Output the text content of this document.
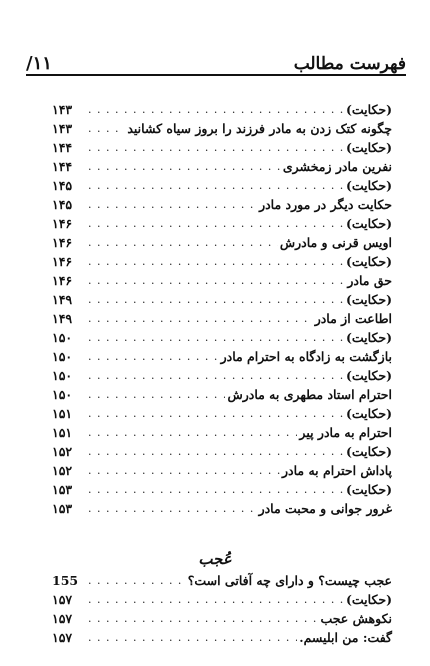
۱۱/	فهرست مطالب
(حکایت)
. . .
۱۴۳
چگونه کتک زدن به مادر فرزند را بروز سیاه کشانید
. . .
۱۴۳
(حکایت)
. . .
۱۴۴
نفرین مادر زمخشری
. . .
۱۴۴
(حکایت)
. . .
۱۴۵
حکایت دیگر در مورد مادر
. . .
۱۴۵
(حکایت)
. . .
۱۴۶
اویس قرنی و مادرش
. . .
۱۴۶
(حکایت)
. . .
۱۴۶
حق مادر
. . .
۱۴۶
(حکایت)
. . .
۱۴۹
اطاعت از مادر
. . .
۱۴۹
(حکایت)
. . .
۱۵۰
بازگشت به زادگاه به احترام مادر
. . .
۱۵۰
(حکایت)
. . .
۱۵۰
احترام استاد مطهری به مادرش
. . .
۱۵۰
(حکایت)
. . .
۱۵۱
احترام به مادر پیر
. . .
۱۵۱
(حکایت)
. . .
۱۵۲
پاداش احترام به مادر
. . .
۱۵۲
(حکایت)
. . .
۱۵۳
غرور جوانی و محبت مادر
. . .
۱۵۳
عُجب
عجب چیست؟ و دارای چه آفاتی است؟
. . .
155
(حکایت)
. . .
۱۵۷
نکوهش عجب
. . .
۱۵۷
گفت: من ابلیسم.
. . .
۱۵۷
